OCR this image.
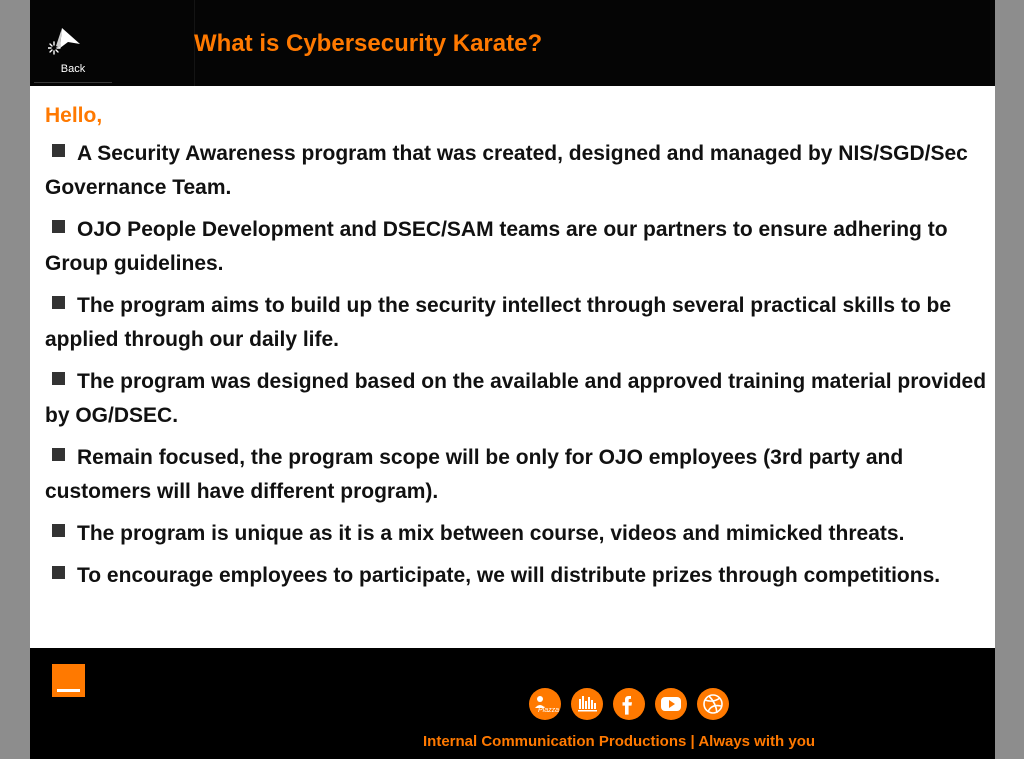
Back
What is Cybersecurity Karate?
Hello,
A Security Awareness program that was created, designed and managed by NIS/SGD/Sec Governance Team.
OJO People Development and DSEC/SAM teams are our partners to ensure adhering to Group guidelines.
The program aims to build up the security intellect through several practical skills to be applied through our daily life.
The program was designed based on the available and approved training material provided by OG/DSEC.
Remain focused, the program scope will be only for OJO employees (3rd party and customers will have different program).
The program is unique as it is a mix between course, videos and mimicked threats.
To encourage employees to participate, we will distribute prizes through competitions.
Plazza
Internal Communication Productions | Always with you
